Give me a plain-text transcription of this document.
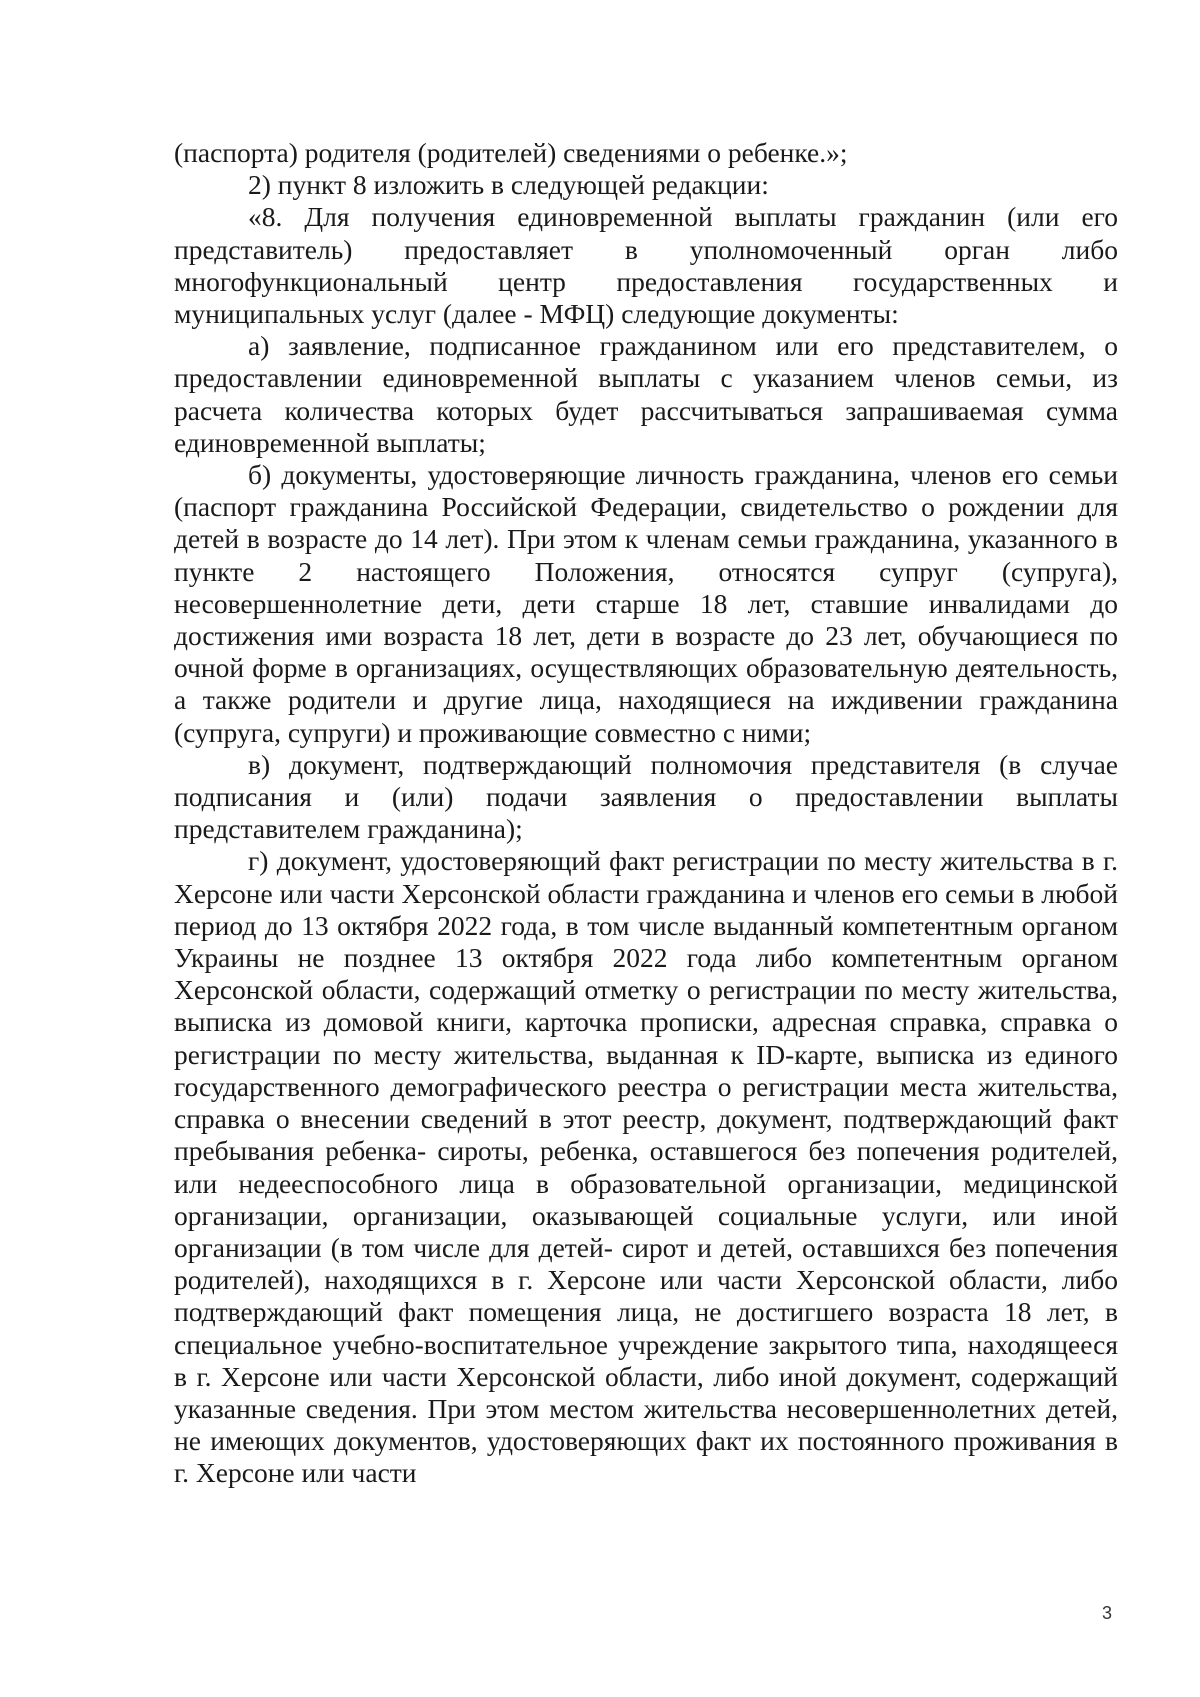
(паспорта) родителя (родителей) сведениями о ребенке.»;

2) пункт 8 изложить в следующей редакции:

«8. Для получения единовременной выплаты гражданин (или его представитель) предоставляет в уполномоченный орган либо многофункциональный центр предоставления государственных и муниципальных услуг (далее - МФЦ) следующие документы:

а) заявление, подписанное гражданином или его представителем, о предоставлении единовременной выплаты с указанием членов семьи, из расчета количества которых будет рассчитываться запрашиваемая сумма единовременной выплаты;

б) документы, удостоверяющие личность гражданина, членов его семьи (паспорт гражданина Российской Федерации, свидетельство о рождении для детей в возрасте до 14 лет). При этом к членам семьи гражданина, указанного в пункте 2 настоящего Положения, относятся супруг (супруга), несовершеннолетние дети, дети старше 18 лет, ставшие инвалидами до достижения ими возраста 18 лет, дети в возрасте до 23 лет, обучающиеся по очной форме в организациях, осуществляющих образовательную деятельность, а также родители и другие лица, находящиеся на иждивении гражданина (супруга, супруги) и проживающие совместно с ними;

в) документ, подтверждающий полномочия представителя (в случае подписания и (или) подачи заявления о предоставлении выплаты представителем гражданина);

г) документ, удостоверяющий факт регистрации по месту жительства в г. Херсоне или части Херсонской области гражданина и членов его семьи в любой период до 13 октября 2022 года, в том числе выданный компетентным органом Украины не позднее 13 октября 2022 года либо компетентным органом Херсонской области, содержащий отметку о регистрации по месту жительства, выписка из домовой книги, карточка прописки, адресная справка, справка о регистрации по месту жительства, выданная к ID-карте, выписка из единого государственного демографического реестра о регистрации места жительства, справка о внесении сведений в этот реестр, документ, подтверждающий факт пребывания ребенка- сироты, ребенка, оставшегося без попечения родителей, или недееспособного лица в образовательной организации, медицинской организации, организации, оказывающей социальные услуги, или иной организации (в том числе для детей- сирот и детей, оставшихся без попечения родителей), находящихся в г. Херсоне или части Херсонской области, либо подтверждающий факт помещения лица, не достигшего возраста 18 лет, в специальное учебно-воспитательное учреждение закрытого типа, находящееся в г. Херсоне или части Херсонской области, либо иной документ, содержащий указанные сведения. При этом местом жительства несовершеннолетних детей, не имеющих документов, удостоверяющих факт их постоянного проживания в г. Херсоне или части

3
